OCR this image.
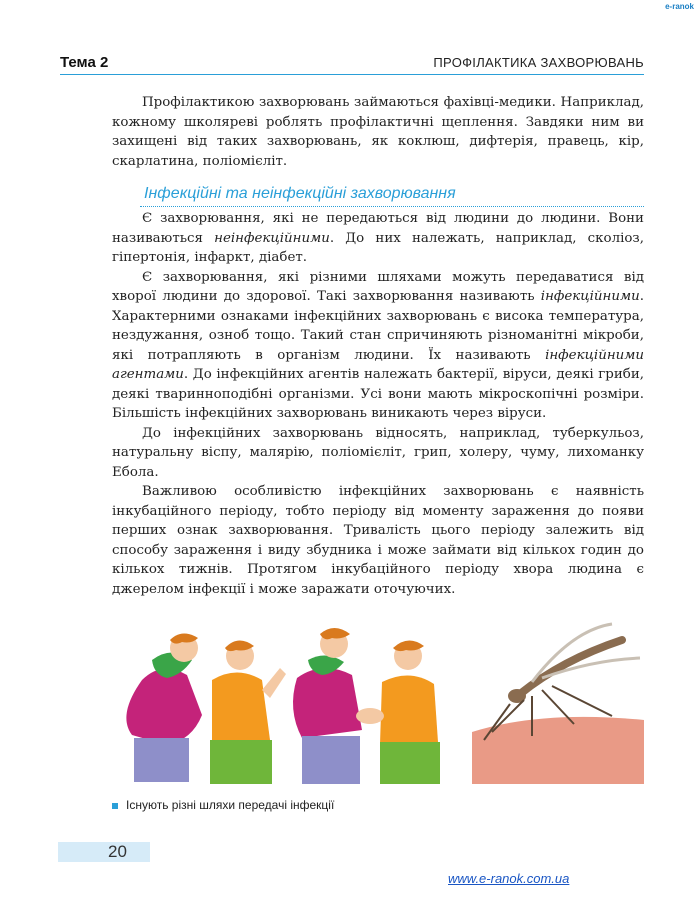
e-ranok
Тема 2	ПРОФІЛАКТИКА ЗАХВОРЮВАНЬ

Профілактикою захворювань займаються фахівці-медики. Наприклад, кожному школяреві роблять профілактичні щеплення. Завдяки ним ви захищені від таких захворювань, як коклюш, дифтерія, правець, кір, скарлатина, поліомієліт.

Інфекційні та неінфекційні захворювання

Є захворювання, які не передаються від людини до людини. Вони називаються неінфекційними. До них належать, наприклад, сколіоз, гіпертонія, інфаркт, діабет.

Є захворювання, які різними шляхами можуть передаватися від хворої людини до здорової. Такі захворювання називають інфекційними. Характерними ознаками інфекційних захворювань є висока температура, нездужання, озноб тощо. Такий стан спричиняють різноманітні мікроби, які потрапляють в організм людини. Їх називають інфекційними агентами. До інфекційних агентів належать бактерії, віруси, деякі гриби, деякі тваринноподібні організми. Усі вони мають мікроскопічні розміри. Більшість інфекційних захворювань виникають через віруси.

До інфекційних захворювань відносять, наприклад, туберкульоз, натуральну віспу, малярію, поліомієліт, грип, холеру, чуму, лихоманку Ебола.

Важливою особливістю інфекційних захворювань є наявність інкубаційного періоду, тобто періоду від моменту зараження до появи перших ознак захворювання. Тривалість цього періоду залежить від способу зараження і виду збудника і може займати від кількох годин до кількох тижнів. Протягом інкубаційного періоду хвора людина є джерелом інфекції і може заражати оточуючих.

Існують різні шляхи передачі інфекції
20
www.e-ranok.com.ua
